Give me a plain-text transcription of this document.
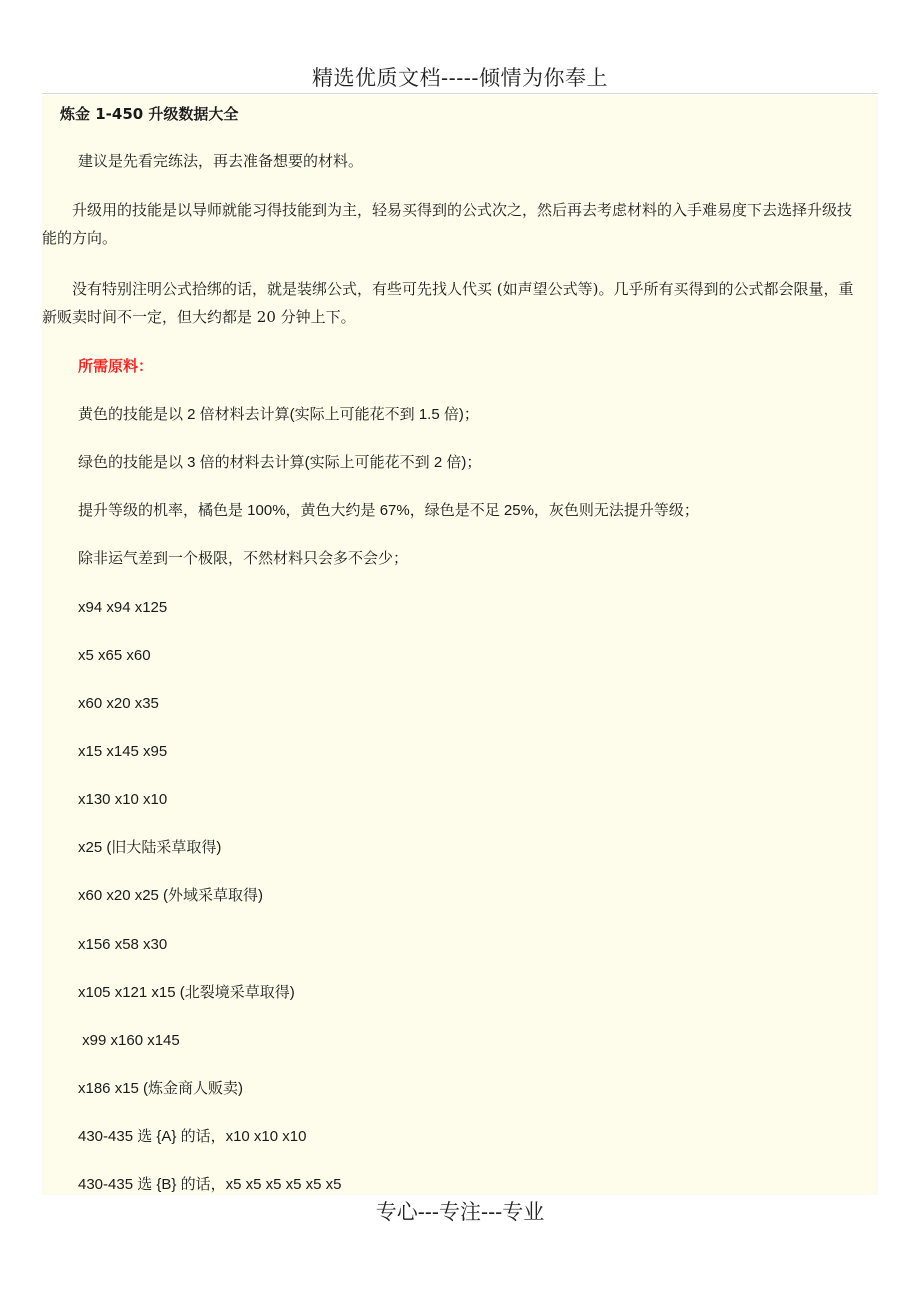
精选优质文档-----倾情为你奉上
炼金 1-450 升级数据大全
建议是先看完练法，再去准备想要的材料。
升级用的技能是以导师就能习得技能到为主，轻易买得到的公式次之，然后再去考虑材料的入手难易度下去选择升级技能的方向。
没有特别注明公式拾绑的话，就是装绑公式，有些可先找人代买 (如声望公式等)。几乎所有买得到的公式都会限量，重新贩卖时间不一定，但大约都是 20 分钟上下。
所需原料：
黄色的技能是以 2 倍材料去计算(实际上可能花不到 1.5 倍)；
绿色的技能是以 3 倍的材料去计算(实际上可能花不到 2 倍)；
提升等级的机率，橘色是 100%，黄色大约是 67%，绿色是不足 25%，灰色则无法提升等级；
除非运气差到一个极限，不然材料只会多不会少；
x94 x94 x125
x5 x65 x60
x60 x20 x35
x15 x145 x95
x130 x10 x10
x25 (旧大陆采草取得)
x60 x20 x25 (外域采草取得)
x156 x58 x30
x105 x121 x15 (北裂境采草取得)
x99 x160 x145
x186 x15 (炼金商人贩卖)
430-435 选 {A} 的话，x10 x10 x10
430-435 选 {B} 的话，x5 x5 x5 x5 x5 x5
专心---专注---专业
